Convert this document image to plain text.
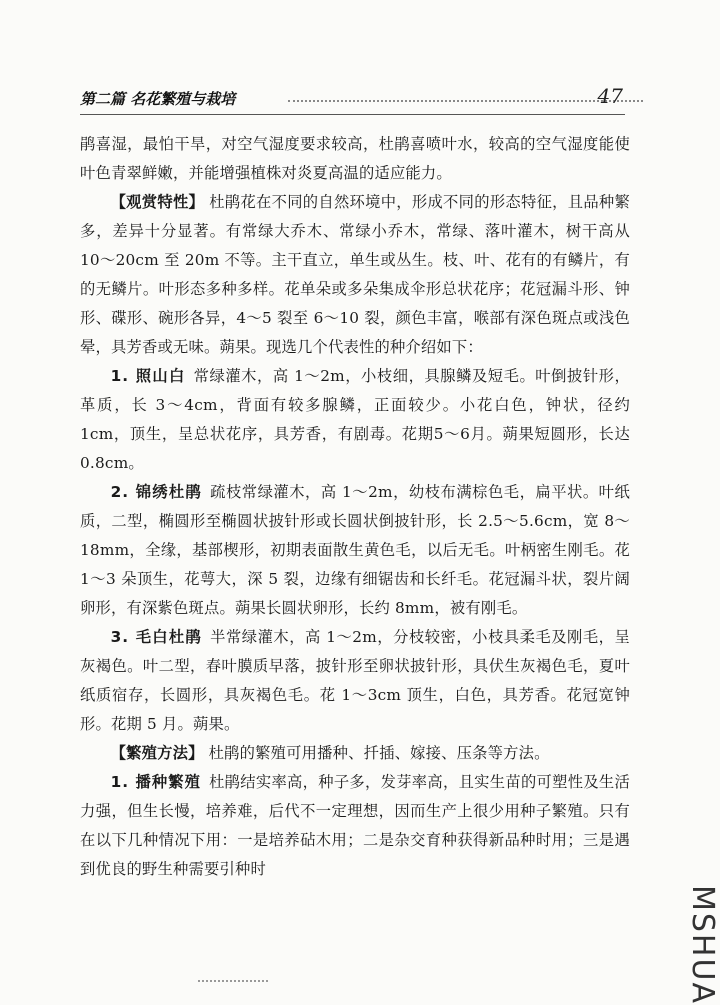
第二篇 名花繁殖与栽培	47

鹃喜湿，最怕干旱，对空气湿度要求较高，杜鹃喜喷叶水，较高的空气湿度能使叶色青翠鲜嫩，并能增强植株对炎夏高温的适应能力。

【观赏特性】 杜鹃花在不同的自然环境中，形成不同的形态特征，且品种繁多，差异十分显著。有常绿大乔木、常绿小乔木，常绿、落叶灌木，树干高从 10～20cm 至 20m 不等。主干直立，单生或丛生。枝、叶、花有的有鳞片，有的无鳞片。叶形态多种多样。花单朵或多朵集成伞形总状花序；花冠漏斗形、钟形、碟形、碗形各异，4～5 裂至 6～10 裂，颜色丰富，喉部有深色斑点或浅色晕，具芳香或无味。蒴果。现选几个代表性的种介绍如下：

1. 照山白 常绿灌木，高 1～2m，小枝细，具腺鳞及短毛。叶倒披针形，革质，长 3～4cm，背面有较多腺鳞，正面较少。小花白色，钟状，径约 1cm，顶生，呈总状花序，具芳香，有剧毒。花期5～6月。蒴果短圆形，长达 0.8cm。

2. 锦绣杜鹃 疏枝常绿灌木，高 1～2m，幼枝布满棕色毛，扁平状。叶纸质，二型，椭圆形至椭圆状披针形或长圆状倒披针形，长 2.5～5.6cm，宽 8～18mm，全缘，基部楔形，初期表面散生黄色毛，以后无毛。叶柄密生刚毛。花 1～3 朵顶生，花萼大，深 5 裂，边缘有细锯齿和长纤毛。花冠漏斗状，裂片阔卵形，有深紫色斑点。蒴果长圆状卵形，长约 8mm，被有刚毛。

3. 毛白杜鹃 半常绿灌木，高 1～2m，分枝较密，小枝具柔毛及刚毛，呈灰褐色。叶二型，春叶膜质早落，披针形至卵状披针形，具伏生灰褐色毛，夏叶纸质宿存，长圆形，具灰褐色毛。花 1～3cm 顶生，白色，具芳香。花冠宽钟形。花期 5 月。蒴果。

【繁殖方法】 杜鹃的繁殖可用播种、扦插、嫁接、压条等方法。

1. 播种繁殖 杜鹃结实率高，种子多，发芽率高，且实生苗的可塑性及生活力强，但生长慢，培养难，后代不一定理想，因而生产上很少用种子繁殖。只有在以下几种情况下用：一是培养砧木用；二是杂交育种获得新品种时用；三是遇到优良的野生种需要引种时

MSHUA
